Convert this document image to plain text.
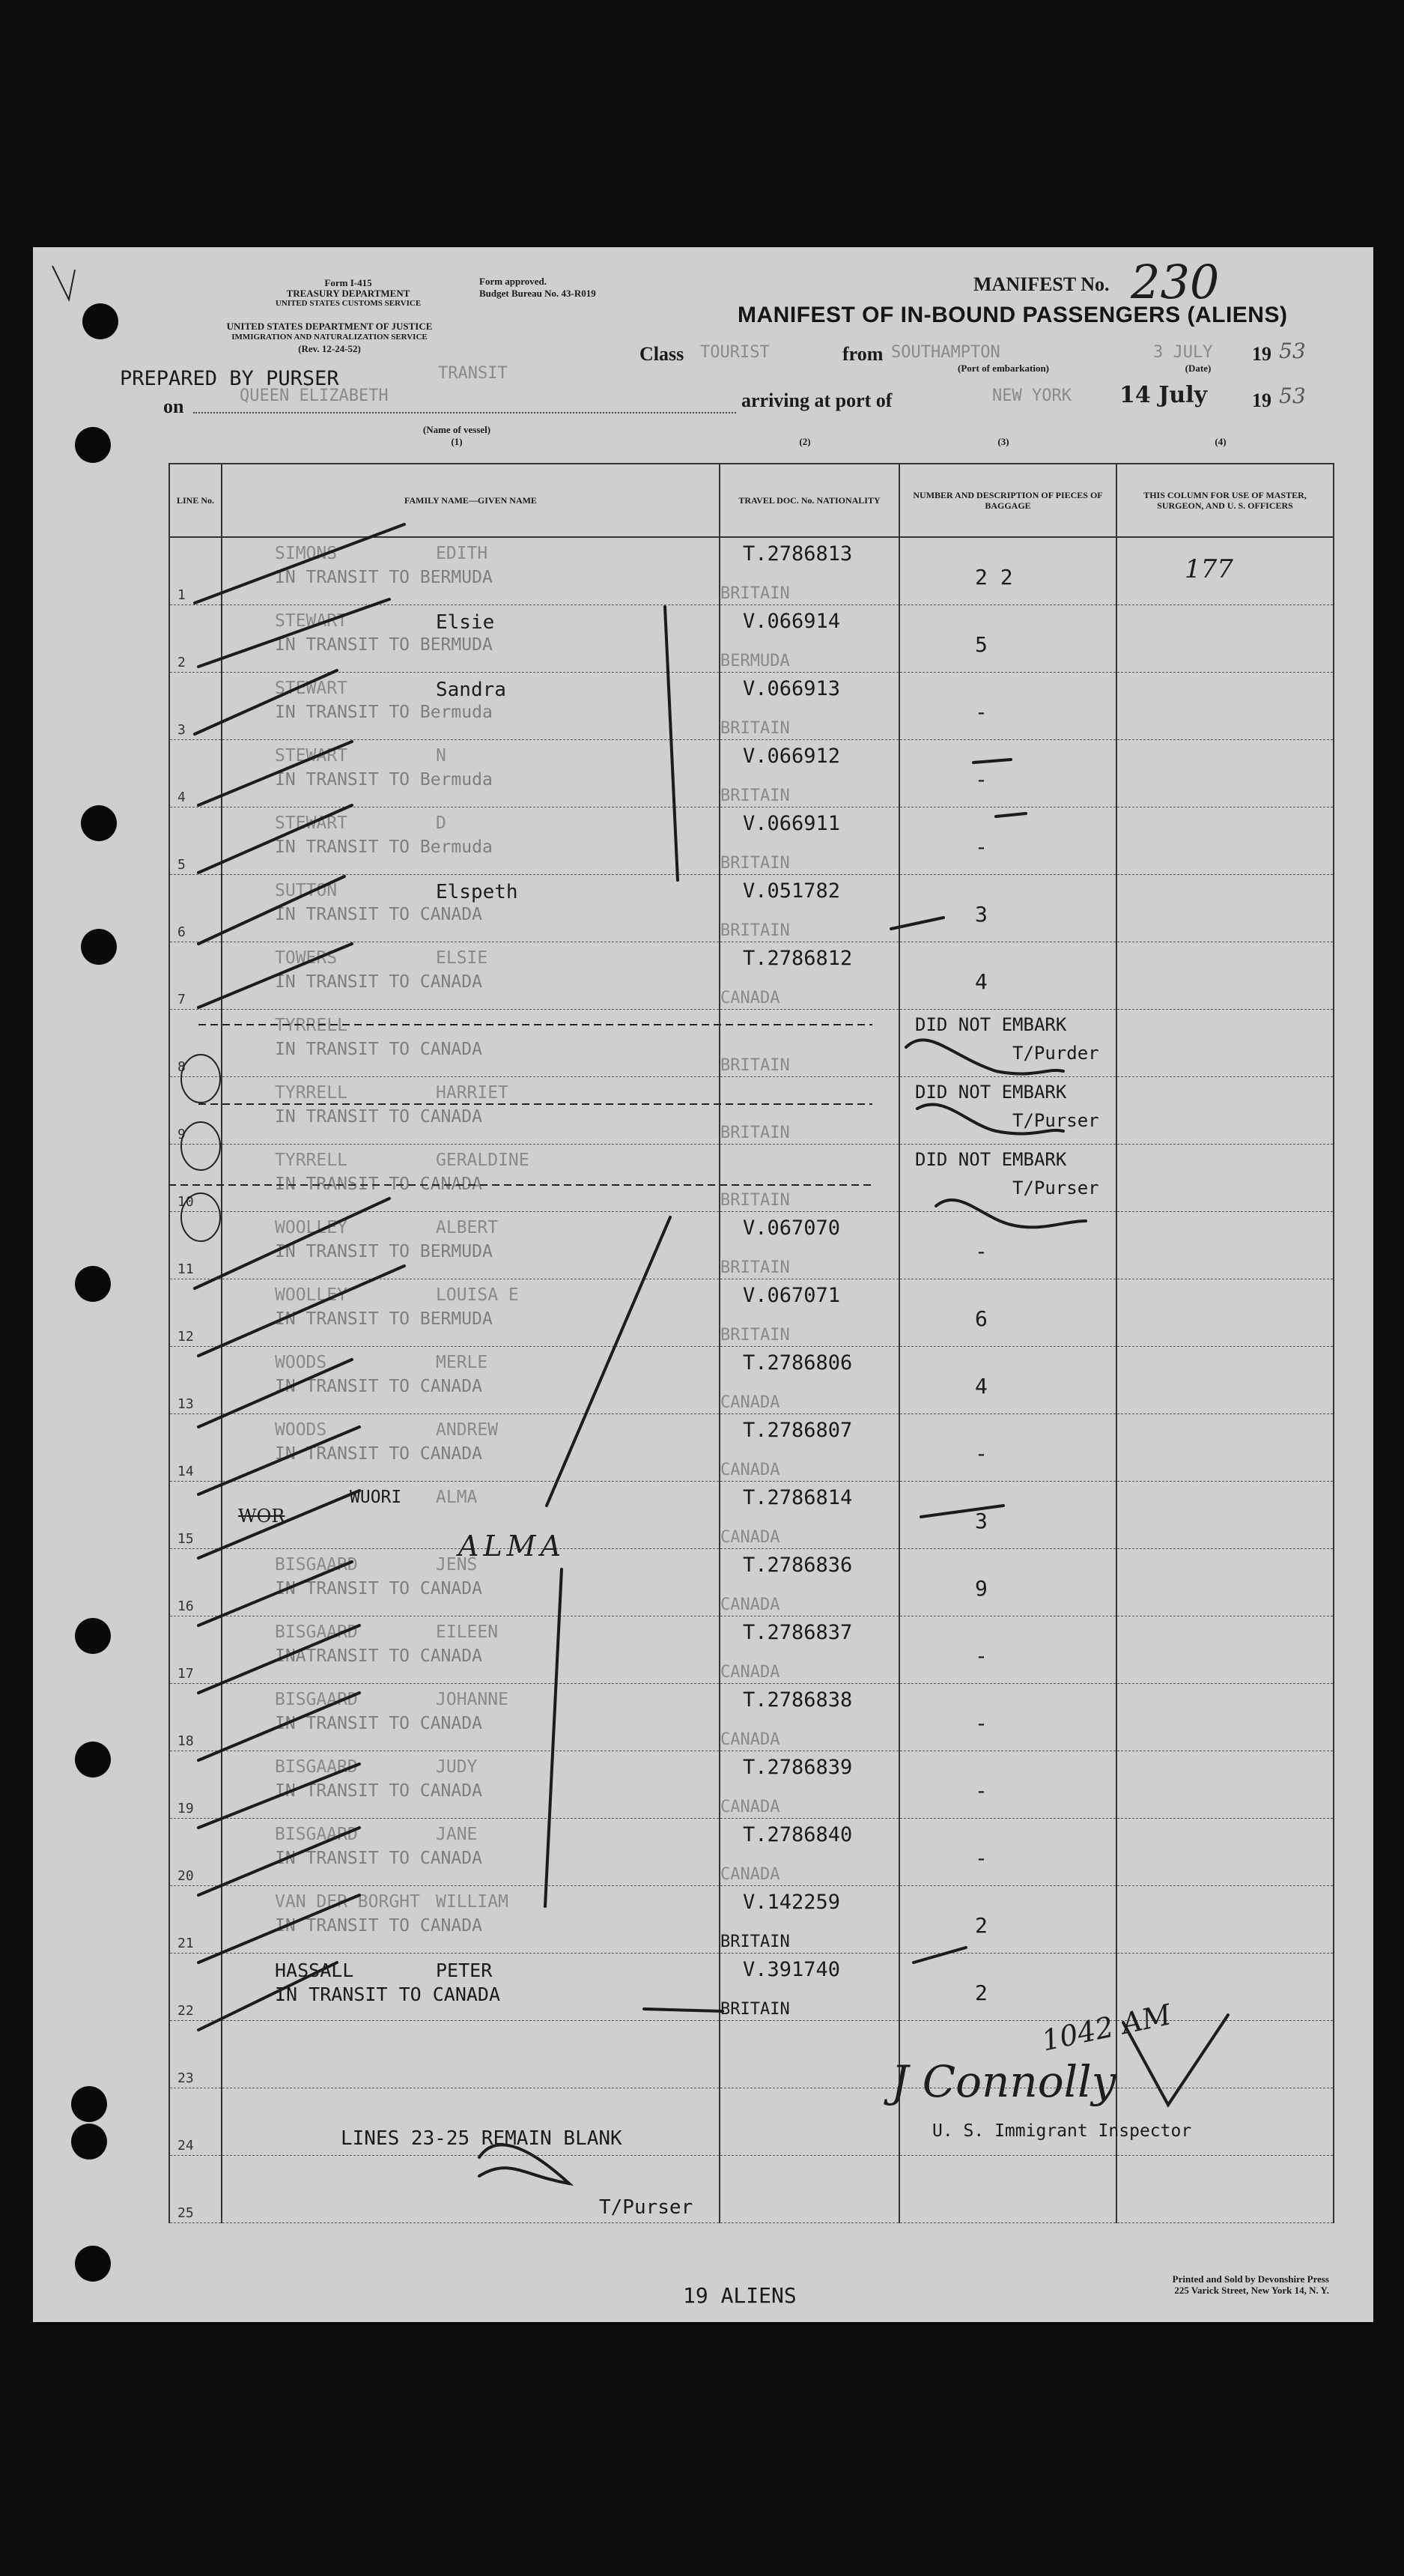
Form I-415
TREASURY DEPARTMENT
UNITED STATES CUSTOMS SERVICE
Form approved.
Budget Bureau No. 43-R019
UNITED STATES DEPARTMENT OF JUSTICE
IMMIGRATION AND NATURALIZATION SERVICE
(Rev. 12-24-52)
MANIFEST No. 230
MANIFEST OF IN-BOUND PASSENGERS (ALIENS)
PREPARED BY PURSER	TRANSIT
on	QUEEN ELIZABETH
(Name of vessel)
(1)
Class TOURIST	from SOUTHAMPTON
(Port of embarkation)
3 JULY
(Date)
19 53
arriving at port of	NEW YORK 14 July 19 53
(2)	(3)	(4)
LINE No.	FAMILY NAME—GIVEN NAME	TRAVEL DOC. No. NATIONALITY	NUMBER AND DESCRIPTION OF PIECES OF BAGGAGE	THIS COLUMN FOR USE OF MASTER, SURGEON, AND U. S. OFFICERS

1	SIMONS EDITH
IN TRANSIT TO BERMUDA	T.2786813
BRITAIN	2 2	177

2	STEWART Elsie
IN TRANSIT TO BERMUDA	V.066914
BERMUDA	5	

3	STEWART Sandra
IN TRANSIT TO Bermuda	V.066913
BRITAIN	-	

4	STEWART N
IN TRANSIT TO Bermuda	V.066912
BRITAIN	-	

5	STEWART D
IN TRANSIT TO Bermuda	V.066911
BRITAIN	-	

6	SUTTON Elspeth
IN TRANSIT TO CANADA	V.051782
BRITAIN	3	

7	TOWERS ELSIE
IN TRANSIT TO CANADA	T.2786812
CANADA	4	

8	TYRRELL
IN TRANSIT TO CANADA	BRITAIN	DID NOT EMBARK
T/Purder	

9	TYRRELL HARRIET
IN TRANSIT TO CANADA	BRITAIN	DID NOT EMBARK
T/Purser	

10	TYRRELL GERALDINE
IN TRANSIT TO CANADA	BRITAIN	DID NOT EMBARK
T/Purser	

11	WOOLLEY ALBERT
IN TRANSIT TO BERMUDA	V.067070
BRITAIN	-	

12	WOOLLEY LOUISA E
IN TRANSIT TO BERMUDA	V.067071
BRITAIN	6	

13	WOODS MERLE
IN TRANSIT TO CANADA	T.2786806
CANADA	4	

14	WOODS ANDREW
IN TRANSIT TO CANADA	T.2786807
CANADA	-	

15	WUORI ALMA	T.2786814
CANADA	3	

16	BISGAARD JENS
IN TRANSIT TO CANADA	T.2786836
CANADA	9	

17	BISGAARD EILEEN
INATRANSIT TO CANADA	T.2786837
CANADA	-	

18	BISGAARD JOHANNE
IN TRANSIT TO CANADA	T.2786838
CANADA	-	

19	BISGAARD JUDY
IN TRANSIT TO CANADA	T.2786839
CANADA	-	

20	BISGAARD JANE
IN TRANSIT TO CANADA	T.2786840
CANADA	-	

21	VAN DER BORGHT WILLIAM
IN TRANSIT TO CANADA	V.142259
BRITAIN	2	

22	HASSALL PETER
IN TRANSIT TO CANADA	V.391740
BRITAIN	2	

23				

24				

25				

WOR
ALMA
LINES 23-25 REMAIN BLANK
T/Purser
J Connolly
1042 AM
U. S. Immigrant Inspector
19 ALIENS
Printed and Sold by Devonshire Press
225 Varick Street, New York 14, N. Y.
